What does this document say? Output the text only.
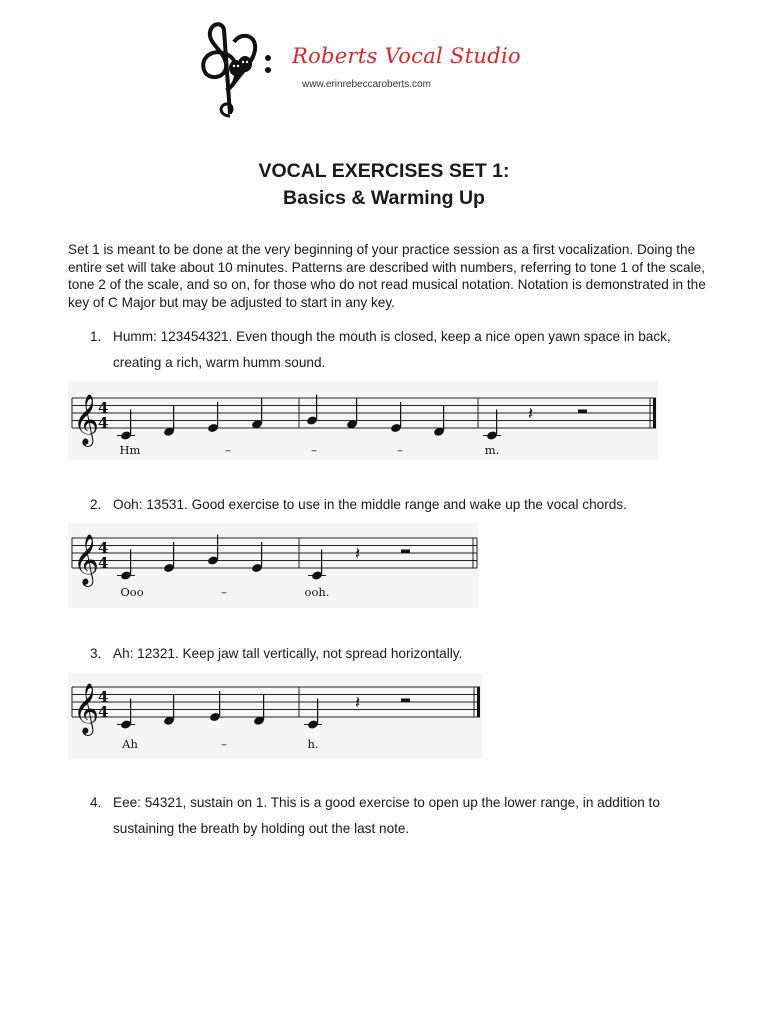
Roberts Vocal Studio
www.erinrebeccaroberts.com
VOCAL EXERCISES SET 1:
Basics & Warming Up
Set 1 is meant to be done at the very beginning of your practice session as a first vocalization. Doing the entire set will take about 10 minutes. Patterns are described with numbers, referring to tone 1 of the scale, tone 2 of the scale, and so on, for those who do not read musical notation. Notation is demonstrated in the key of C Major but may be adjusted to start in any key.
1. Humm: 123454321. Even though the mouth is closed, keep a nice open yawn space in back, creating a rich, warm humm sound.
𝄞
4
4	𝄽
Hm	–	–	–	m.
2. Ooh: 13531. Good exercise to use in the middle range and wake up the vocal chords.
𝄞
4
4	𝄽
Ooo	–	ooh.
3. Ah: 12321. Keep jaw tall vertically, not spread horizontally.
𝄞
4
4	𝄽
Ah	–	h.
4. Eee: 54321, sustain on 1. This is a good exercise to open up the lower range, in addition to sustaining the breath by holding out the last note.
